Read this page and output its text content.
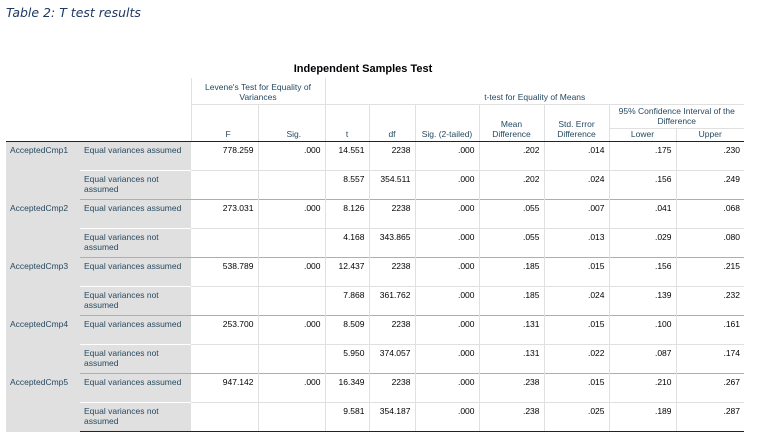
Table 2: T test results
Independent Samples Test
		Levene's Test for Equality of Variances		t-test for Equality of Means						
		F	Sig.	t	df	Sig. (2-tailed)	Mean Difference	Std. Error Difference	95% Confidence Interval of the Difference	
									Lower	Upper
AcceptedCmp1	Equal variances assumed	778.259	.000	14.551	2238	.000	.202	.014	.175	.230
	Equal variances not assumed			8.557	354.511	.000	.202	.024	.156	.249
AcceptedCmp2	Equal variances assumed	273.031	.000	8.126	2238	.000	.055	.007	.041	.068
	Equal variances not assumed			4.168	343.865	.000	.055	.013	.029	.080
AcceptedCmp3	Equal variances assumed	538.789	.000	12.437	2238	.000	.185	.015	.156	.215
	Equal variances not assumed			7.868	361.762	.000	.185	.024	.139	.232
AcceptedCmp4	Equal variances assumed	253.700	.000	8.509	2238	.000	.131	.015	.100	.161
	Equal variances not assumed			5.950	374.057	.000	.131	.022	.087	.174
AcceptedCmp5	Equal variances assumed	947.142	.000	16.349	2238	.000	.238	.015	.210	.267
	Equal variances not assumed			9.581	354.187	.000	.238	.025	.189	.287
